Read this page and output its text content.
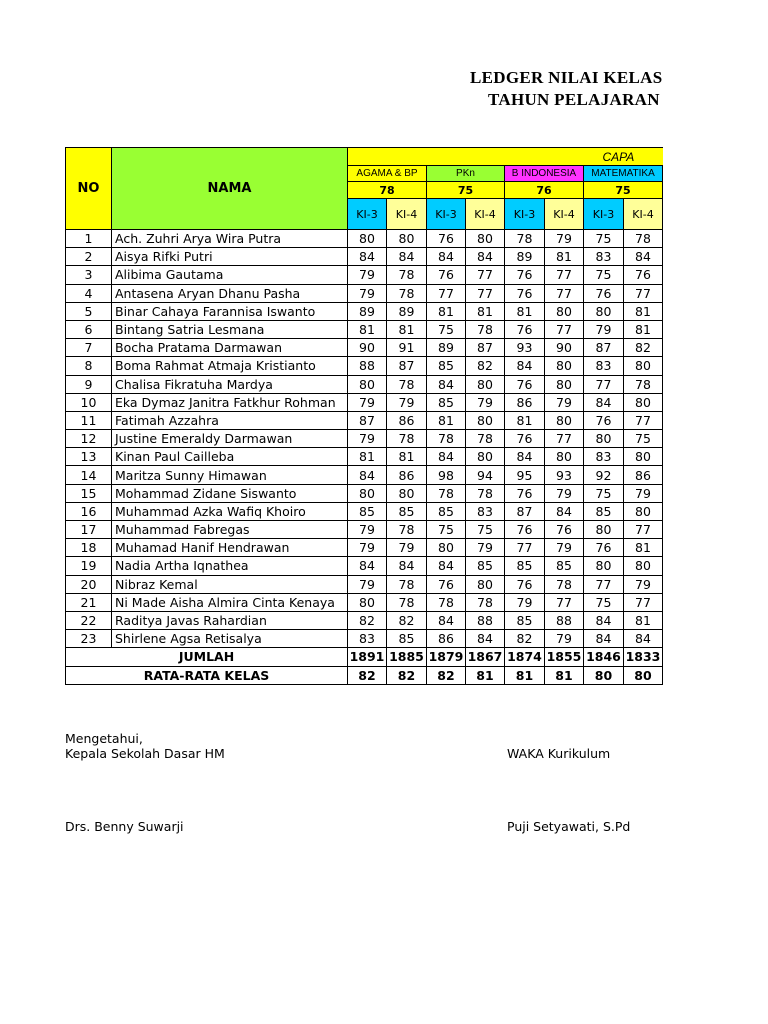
LEDGER NILAI KELAS
TAHUN PELAJARAN
NO	NAMA	CAPA							
		AGAMA & BP		PKn		B INDONESIA		MATEMATIKA	
		78		75		76		75	
		KI-3	KI-4	KI-3	KI-4	KI-3	KI-4	KI-3	KI-4
1	Ach. Zuhri Arya Wira Putra	80	80	76	80	78	79	75	78
2	Aisya Rifki Putri	84	84	84	84	89	81	83	84
3	Alibima Gautama	79	78	76	77	76	77	75	76
4	Antasena Aryan Dhanu Pasha	79	78	77	77	76	77	76	77
5	Binar Cahaya Farannisa Iswanto	89	89	81	81	81	80	80	81
6	Bintang Satria Lesmana	81	81	75	78	76	77	79	81
7	Bocha Pratama Darmawan	90	91	89	87	93	90	87	82
8	Boma Rahmat Atmaja Kristianto	88	87	85	82	84	80	83	80
9	Chalisa Fikratuha Mardya	80	78	84	80	76	80	77	78
10	Eka Dymaz Janitra Fatkhur Rohman	79	79	85	79	86	79	84	80
11	Fatimah Azzahra	87	86	81	80	81	80	76	77
12	Justine Emeraldy Darmawan	79	78	78	78	76	77	80	75
13	Kinan Paul Cailleba	81	81	84	80	84	80	83	80
14	Maritza Sunny Himawan	84	86	98	94	95	93	92	86
15	Mohammad Zidane Siswanto	80	80	78	78	76	79	75	79
16	Muhammad Azka Wafiq Khoiro	85	85	85	83	87	84	85	80
17	Muhammad Fabregas	79	78	75	75	76	76	80	77
18	Muhamad Hanif Hendrawan	79	79	80	79	77	79	76	81
19	Nadia Artha Iqnathea	84	84	84	85	85	85	80	80
20	Nibraz Kemal	79	78	76	80	76	78	77	79
21	Ni Made Aisha Almira Cinta Kenaya	80	78	78	78	79	77	75	77
22	Raditya Javas Rahardian	82	82	84	88	85	88	84	81
23	Shirlene Agsa Retisalya	83	85	86	84	82	79	84	84
JUMLAH		1891	1885	1879	1867	1874	1855	1846	1833
RATA-RATA KELAS		82	82	82	81	81	81	80	80
Mengetahui,
Kepala Sekolah Dasar HM	WAKA Kurikulum
Drs. Benny Suwarji	Puji Setyawati, S.Pd
